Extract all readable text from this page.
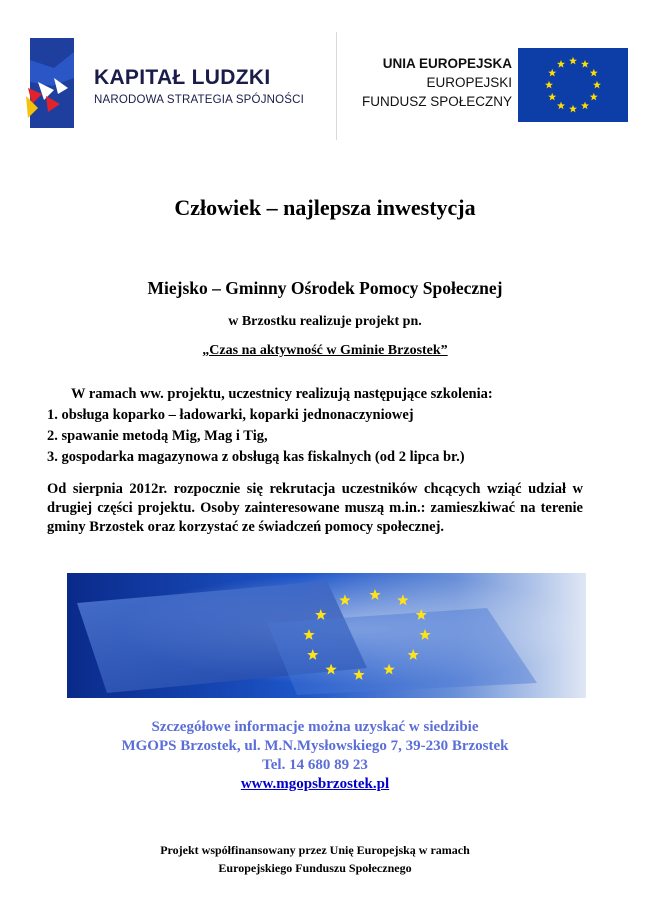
KAPITAŁ LUDZKI
NARODOWA STRATEGIA SPÓJNOŚCI
UNIA EUROPEJSKA
EUROPEJSKI
FUNDUSZ SPOŁECZNY
Człowiek – najlepsza inwestycja
Miejsko – Gminny Ośrodek Pomocy Społecznej
w Brzostku realizuje projekt pn.
„Czas na aktywność w Gminie Brzostek”
W ramach ww. projektu, uczestnicy realizują następujące szkolenia:
1. obsługa koparko – ładowarki, koparki jednonaczyniowej
2. spawanie metodą Mig, Mag i Tig,
3. gospodarka magazynowa z obsługą kas fiskalnych (od 2 lipca br.)
Od sierpnia 2012r. rozpocznie się rekrutacja uczestników chcących wziąć udział w drugiej części projektu. Osoby zainteresowane muszą m.in.: zamieszkiwać na terenie gminy Brzostek oraz korzystać ze świadczeń pomocy społecznej.
Szczegółowe informacje można uzyskać w siedzibie
MGOPS Brzostek, ul. M.N.Mysłowskiego 7, 39-230 Brzostek
Tel. 14 680 89 23
www.mgopsbrzostek.pl
Projekt współfinansowany przez Unię Europejską w ramach
Europejskiego Funduszu Społecznego
